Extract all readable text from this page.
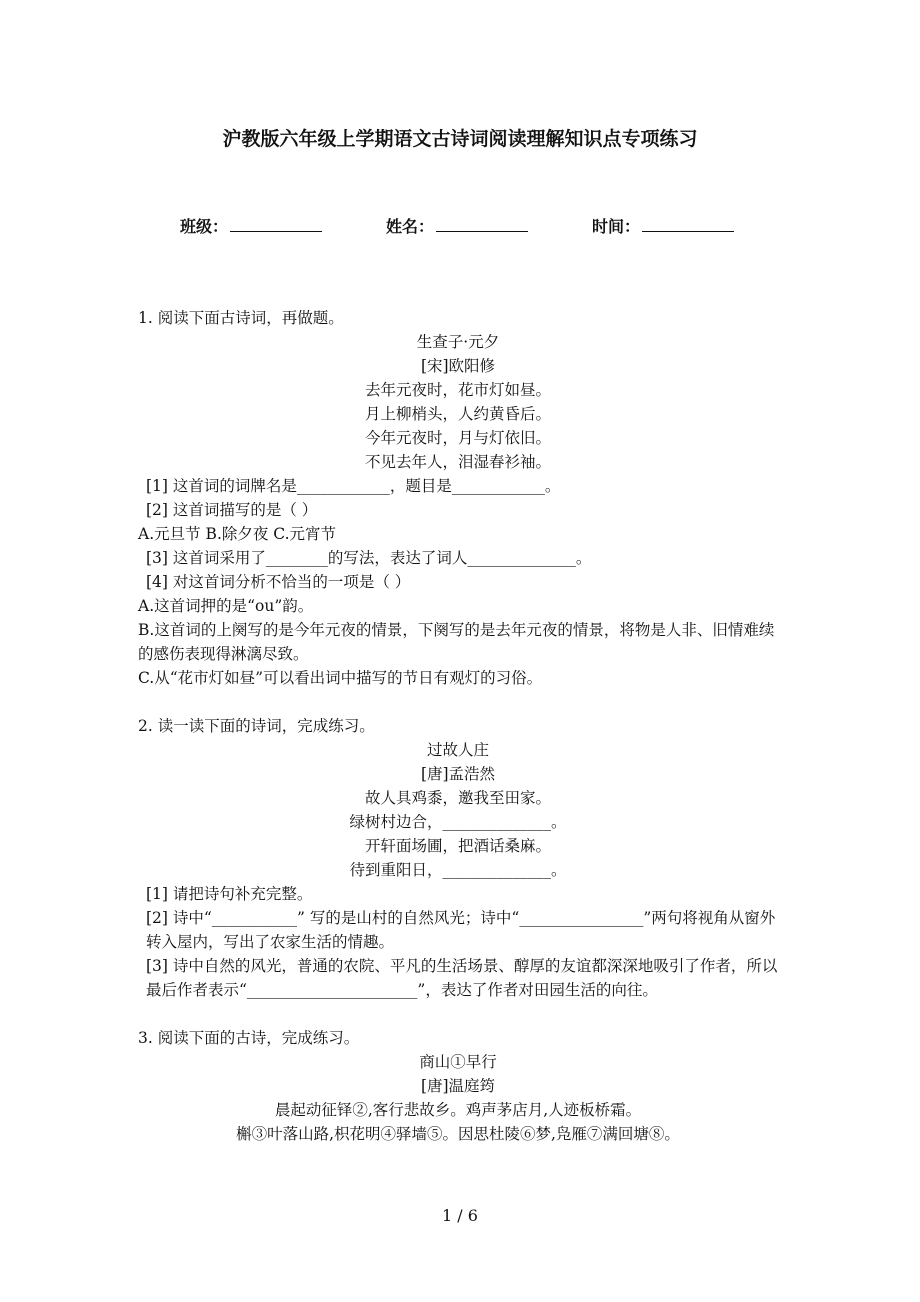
沪教版六年级上学期语文古诗词阅读理解知识点专项练习
班级：	姓名：	时间：

1. 阅读下面古诗词，再做题。

生查子·元夕

[宋]欧阳修

去年元夜时，花市灯如昼。

月上柳梢头，人约黄昏后。

今年元夜时，月与灯依旧。

不见去年人，泪湿春衫袖。

[1] 这首词的词牌名是____________，题目是____________。

[2] 这首词描写的是（ ）

A.元旦节 B.除夕夜 C.元宵节

[3] 这首词采用了________的写法，表达了词人______________。

[4] 对这首词分析不恰当的一项是（ ）

A.这首词押的是“ou”韵。

B.这首词的上阕写的是今年元夜的情景，下阕写的是去年元夜的情景，将物是人非、旧情难续的感伤表现得淋漓尽致。

C.从“花市灯如昼”可以看出词中描写的节日有观灯的习俗。

2. 读一读下面的诗词，完成练习。

过故人庄

[唐]孟浩然

故人具鸡黍，邀我至田家。

绿树村边合，______________。

开轩面场圃，把酒话桑麻。

待到重阳日，______________。

[1] 请把诗句补充完整。

[2] 诗中“___________” 写的是山村的自然风光；诗中“________________”两句将视角从窗外转入屋内，写出了农家生活的情趣。

[3] 诗中自然的风光，普通的农院、平凡的生活场景、醇厚的友谊都深深地吸引了作者，所以最后作者表示“______________________”，表达了作者对田园生活的向往。

3. 阅读下面的古诗，完成练习。

商山①早行

[唐]温庭筠

晨起动征铎②,客行悲故乡。鸡声茅店月,人迹板桥霜。

槲③叶落山路,枳花明④驿墙⑤。因思杜陵⑥梦,凫雁⑦满回塘⑧。

1 / 6
